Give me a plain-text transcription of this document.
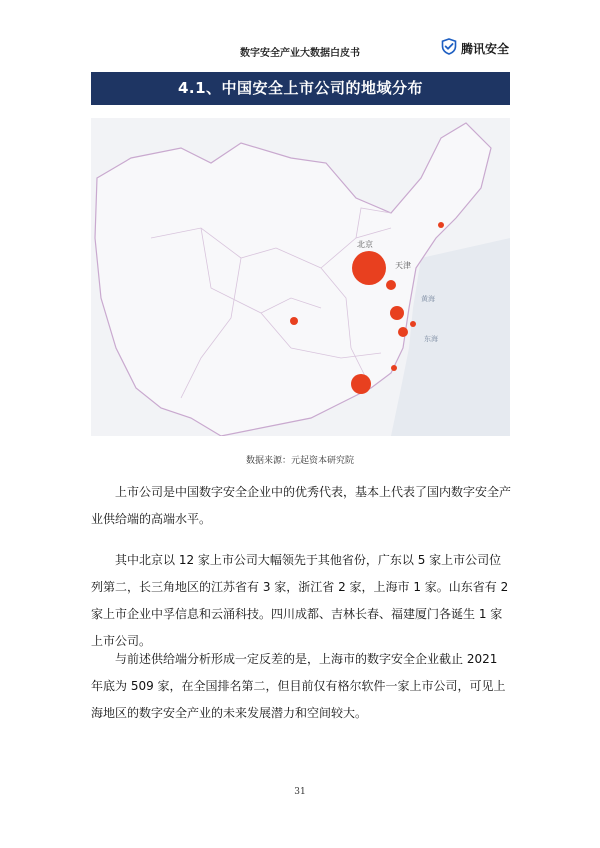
数字安全产业大数据白皮书	腾讯安全
4.1、中国安全上市公司的地域分布
黄海
东海
北京
天津
数据来源：元起资本研究院

上市公司是中国数字安全企业中的优秀代表，基本上代表了国内数字安全产业供给端的高端水平。

其中北京以 12 家上市公司大幅领先于其他省份，广东以 5 家上市公司位列第二，长三角地区的江苏省有 3 家，浙江省 2 家，上海市 1 家。山东省有 2 家上市企业中孚信息和云涌科技。四川成都、吉林长春、福建厦门各诞生 1 家上市公司。

与前述供给端分析形成一定反差的是，上海市的数字安全企业截止 2021 年底为 509 家，在全国排名第二，但目前仅有格尔软件一家上市公司，可见上海地区的数字安全产业的未来发展潜力和空间较大。

31
